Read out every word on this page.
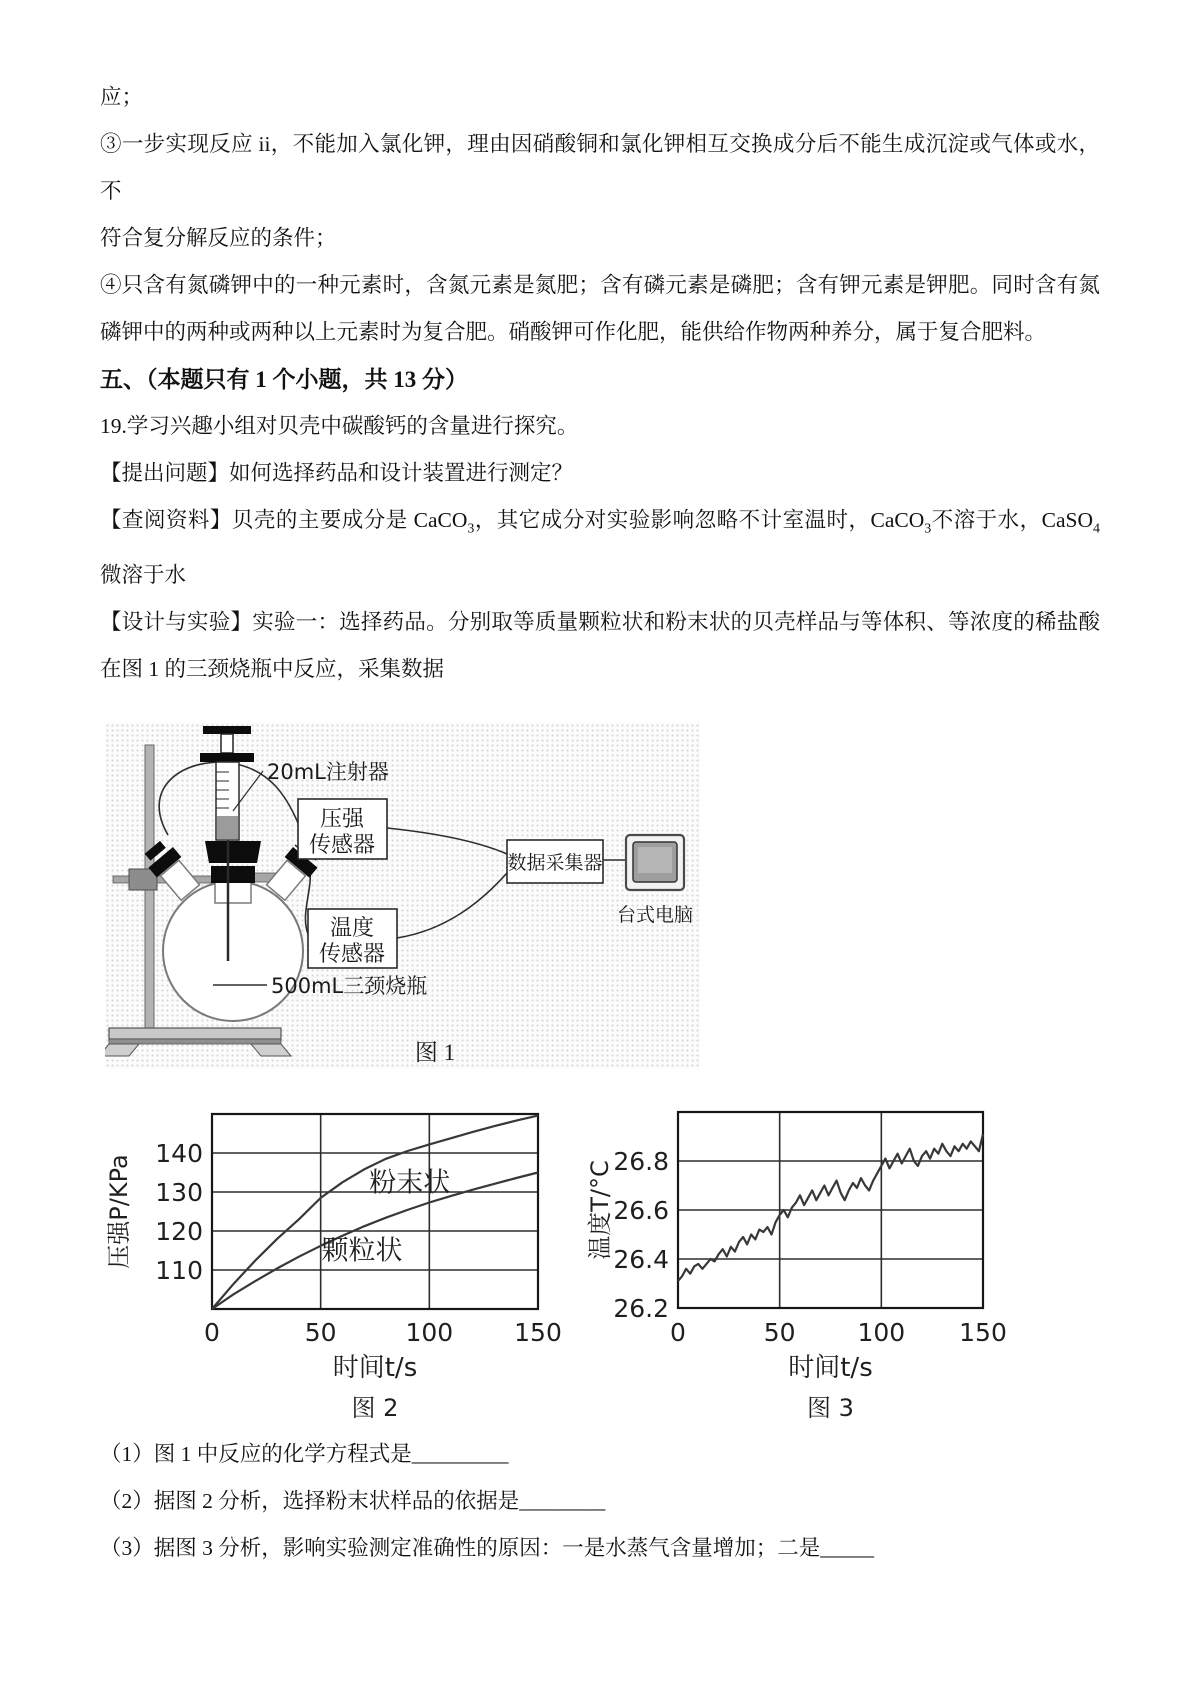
应；

③一步实现反应 ii，不能加入氯化钾，理由因硝酸铜和氯化钾相互交换成分后不能生成沉淀或气体或水，不

符合复分解反应的条件；

④只含有氮磷钾中的一种元素时，含氮元素是氮肥；含有磷元素是磷肥；含有钾元素是钾肥。同时含有氮

磷钾中的两种或两种以上元素时为复合肥。硝酸钾可作化肥，能供给作物两种养分，属于复合肥料。

五、（本题只有 1 个小题，共 13 分）

19.学习兴趣小组对贝壳中碳酸钙的含量进行探究。

【提出问题】如何选择药品和设计装置进行测定？

【查阅资料】贝壳的主要成分是 CaCO$_3$，其它成分对实验影响忽略不计室温时，CaCO$_3$不溶于水，CaSO$_4$

微溶于水

【设计与实验】实验一：选择药品。分别取等质量颗粒状和粉末状的贝壳样品与等体积、等浓度的稀盐酸

在图 1 的三颈烧瓶中反应，采集数据

20mL注射器
压强
传感器
温度
传感器
数据采集器
台式电脑
500mL三颈烧瓶
图 1
0	50	100 150
110
120
130
140
粉末状
颗粒状
压强P/KPa
时间t/s
图 2
0	50 100 150
26.2
26.4
26.6
26.8
温度T/°C
时间t/s
图 3

（1）图 1 中反应的化学方程式是_________

（2）据图 2 分析，选择粉末状样品的依据是________

（3）据图 3 分析，影响实验测定准确性的原因：一是水蒸气含量增加；二是_____
